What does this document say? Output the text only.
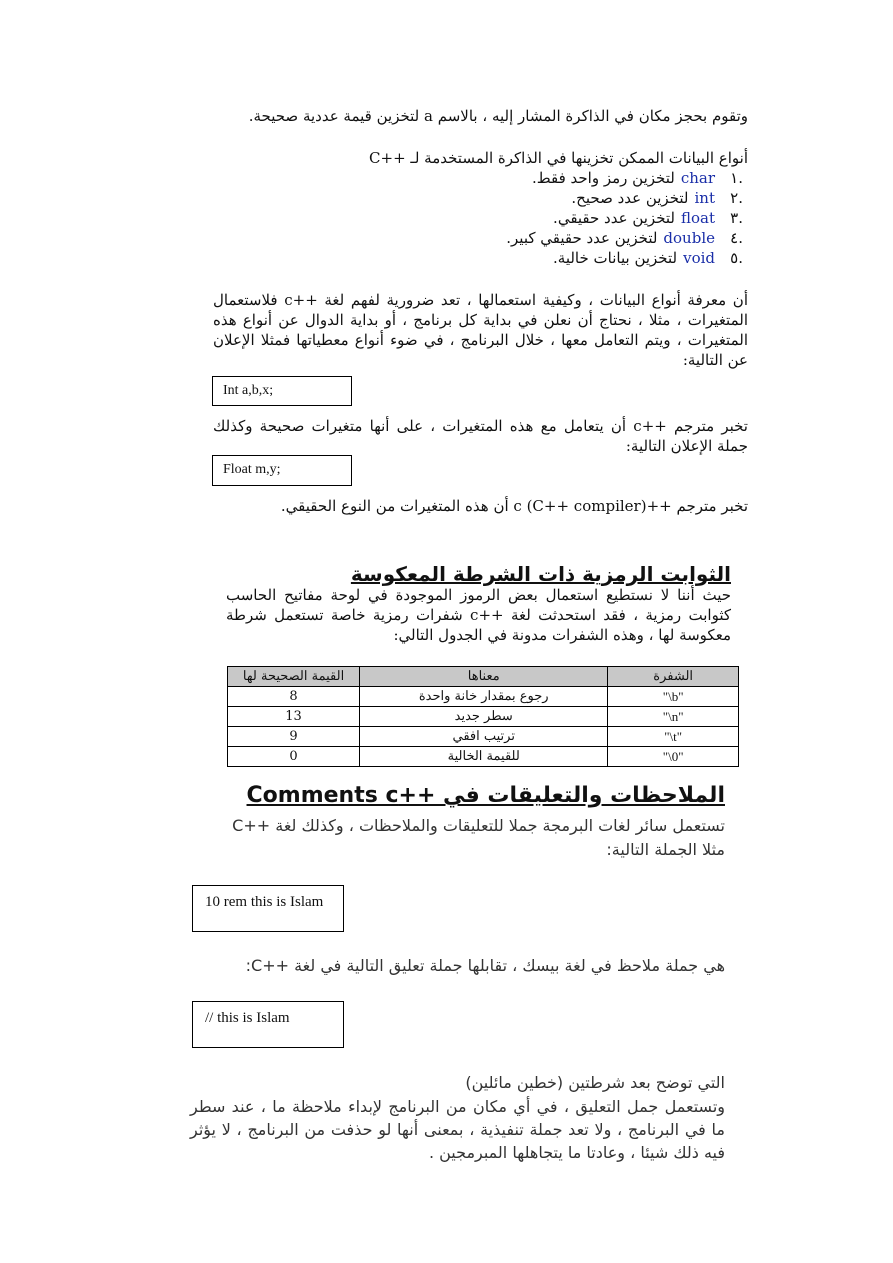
وتقوم بحجز مكان في الذاكرة المشار إليه ، بالاسم a لتخزين قيمة عددية صحيحة.

أنواع البيانات الممكن تخزينها في الذاكرة المستخدمة لـ ++C

.١charلتخزين رمز واحد فقط.
.٢intلتخزين عدد صحيح.
.٣floatلتخزين عدد حقيقي.
.٤doubleلتخزين عدد حقيقي كبير.
.٥voidلتخزين بيانات خالية.

أن معرفة أنواع البيانات ، وكيفية استعمالها ، تعد ضرورية لفهم لغة ++c فلاستعمال المتغيرات ، مثلا ، نحتاج أن نعلن في بداية كل برنامج ، أو بداية الدوال عن أنواع هذه المتغيرات ، ويتم التعامل معها ، خلال البرنامج ، في ضوء أنواع معطياتها فمثلا الإعلان عن التالية:

Int a,b,x;

تخبر مترجم ++c أن يتعامل مع هذه المتغيرات ، على أنها متغيرات صحيحة وكذلك جملة الإعلان التالية:

Float m,y;

تخبر مترجم ++c (C++ compiler) أن هذه المتغيرات من النوع الحقيقي.

الثوابت الرمزية ذات الشرطة المعكوسة

حيث أننا لا نستطيع استعمال بعض الرموز الموجودة في لوحة مفاتيح الحاسب كثوابت رمزية ، فقد استحدثت لغة ++c شفرات رمزية خاصة تستعمل شرطة معكوسة لها ، وهذه الشفرات مدونة في الجدول التالي:

الشفرة	معناها	القيمة الصحيحة لها
"\b"	رجوع بمقدار خانة واحدة	8
"\n"	سطر جديد	13
"\t"	ترتيب افقي	9
"\0"	للقيمة الخالية	0
الملاحظات والتعليقات في ++Comments c

تستعمل سائر لغات البرمجة جملا للتعليقات والملاحظات ، وكذلك لغة ++C مثلا الجملة التالية:

10 rem this is Islam

هي جملة ملاحظ في لغة بيسك ، تقابلها جملة تعليق التالية في لغة ++C:

// this is Islam

التي توضح بعد شرطتين (خطين مائلين)

وتستعمل جمل التعليق ، في أي مكان من البرنامج لإبداء ملاحظة ما ، عند سطر ما في البرنامج ، ولا تعد جملة تنفيذية ، بمعنى أنها لو حذفت من البرنامج ، لا يؤثر فيه ذلك شيئا ، وعادتا ما يتجاهلها المبرمجين .
